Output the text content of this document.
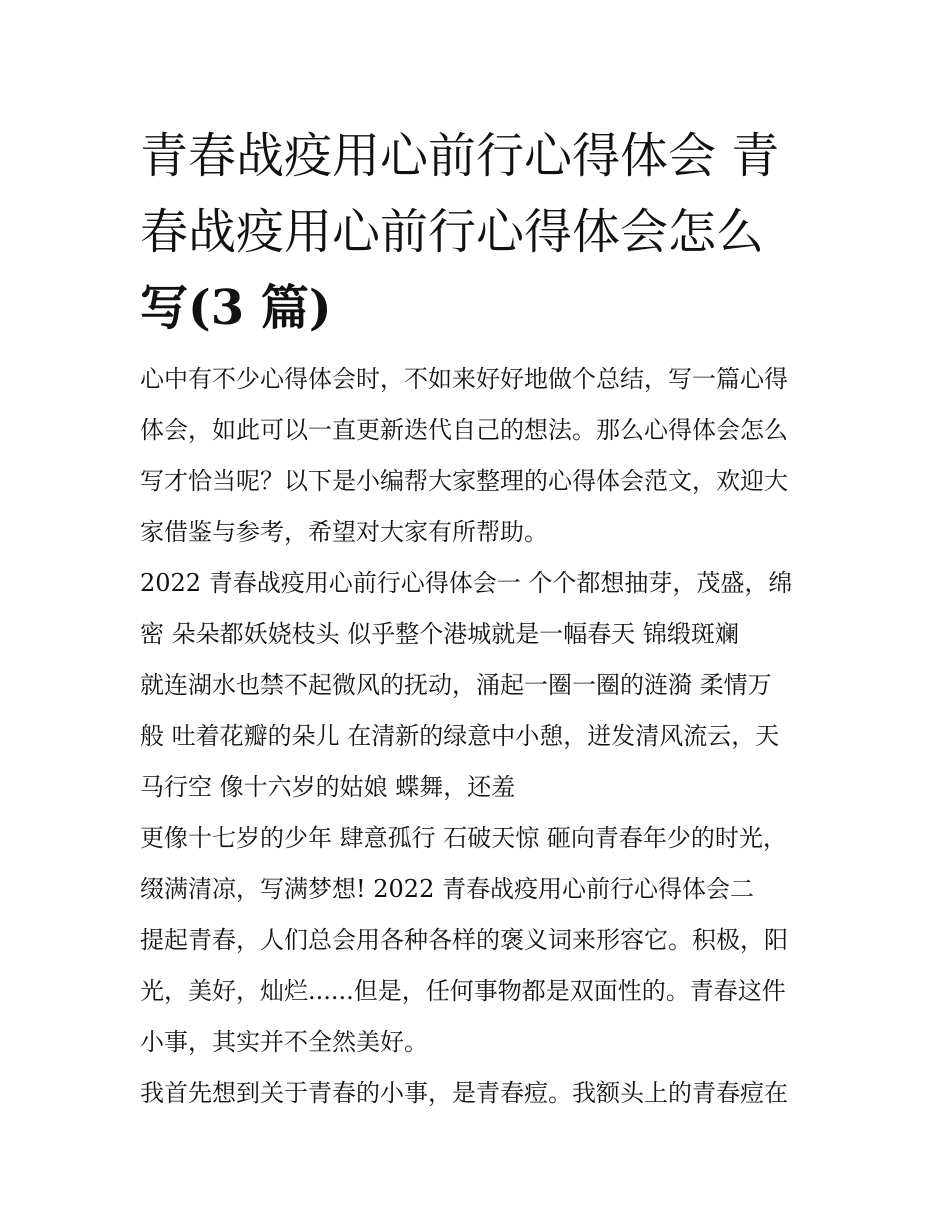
青春战疫用心前行心得体会 青
春战疫用心前行心得体会怎么
写(3 篇)
心中有不少心得体会时，不如来好好地做个总结，写一篇心得
体会，如此可以一直更新迭代自己的想法。那么心得体会怎么
写才恰当呢？以下是小编帮大家整理的心得体会范文，欢迎大
家借鉴与参考，希望对大家有所帮助。
2022 青春战疫用心前行心得体会一 个个都想抽芽，茂盛，绵
密 朵朵都妖娆枝头 似乎整个港城就是一幅春天 锦缎斑斓
就连湖水也禁不起微风的抚动，涌起一圈一圈的涟漪 柔情万
般 吐着花瓣的朵儿 在清新的绿意中小憩，迸发清风流云，天
马行空 像十六岁的姑娘 蝶舞，还羞
更像十七岁的少年 肆意孤行 石破天惊 砸向青春年少的时光，
缀满清凉，写满梦想! 2022 青春战疫用心前行心得体会二
提起青春，人们总会用各种各样的褒义词来形容它。积极，阳
光，美好，灿烂......但是，任何事物都是双面性的。青春这件
小事，其实并不全然美好。
我首先想到关于青春的小事，是青春痘。我额头上的青春痘在
